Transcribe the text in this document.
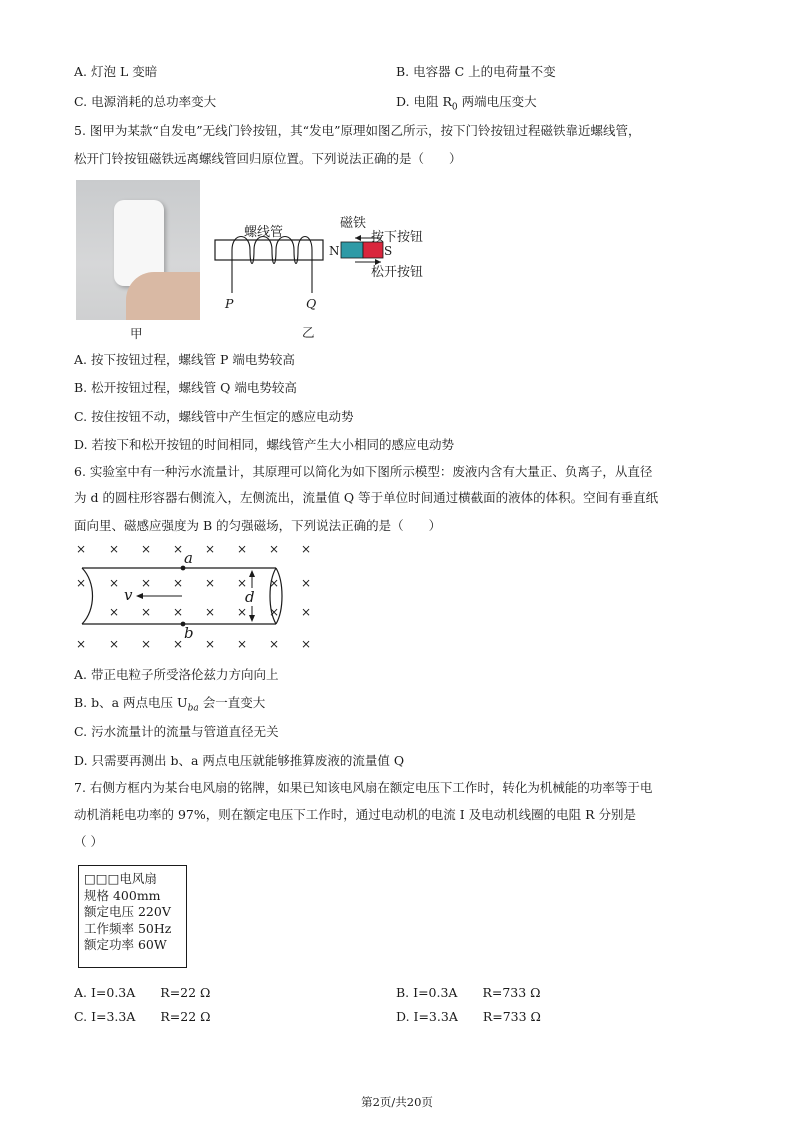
A. 灯泡 L 变暗	B. 电容器 C 上的电荷量不变
C. 电源消耗的总功率变大	D. 电阻 $R_0$ 两端电压变大
5. 图甲为某款“自发电”无线门铃按钮，其“发电”原理如图乙所示，按下门铃按钮过程磁铁靠近螺线管，
松开门铃按钮磁铁远离螺线管回归原位置。下列说法正确的是（　　）
甲
螺线管
磁铁
按下按钮
松开按钮
N	S
P	Q
乙
A. 按下按钮过程，螺线管 P 端电势较高
B. 松开按钮过程，螺线管 Q 端电势较高
C. 按住按钮不动，螺线管中产生恒定的感应电动势
D. 若按下和松开按钮的时间相同，螺线管产生大小相同的感应电动势
6. 实验室中有一种污水流量计，其原理可以简化为如下图所示模型：废液内含有大量正、负离子，从直径
为 d 的圆柱形容器右侧流入，左侧流出，流量值 Q 等于单位时间通过横截面的液体的体积。空间有垂直纸
面向里、磁感应强度为 B 的匀强磁场，下列说法正确的是（　　）
× × × × × × × ×
× × × × × × × ×
× × × × × × ×
× × × × × × × ×
a
b
v	d
A. 带正电粒子所受洛伦兹力方向向上
B. b、a 两点电压 $U_{ba}$ 会一直变大
C. 污水流量计的流量与管道直径无关
D. 只需要再测出 b、a 两点电压就能够推算废液的流量值 Q
7. 右侧方框内为某台电风扇的铭牌，如果已知该电风扇在额定电压下工作时，转化为机械能的功率等于电
动机消耗电功率的 97%，则在额定电压下工作时，通过电动机的电流 I 及电动机线圈的电阻 R 分别是
（ ）
□□□电风扇
规格 400mm
额定电压 220V
工作频率 50Hz
额定功率 60W
A. I=0.3A　　R=22 Ω	B. I=0.3A　　R=733 Ω
C. I=3.3A　　R=22 Ω	D. I=3.3A　　R=733 Ω
第2页/共20页
